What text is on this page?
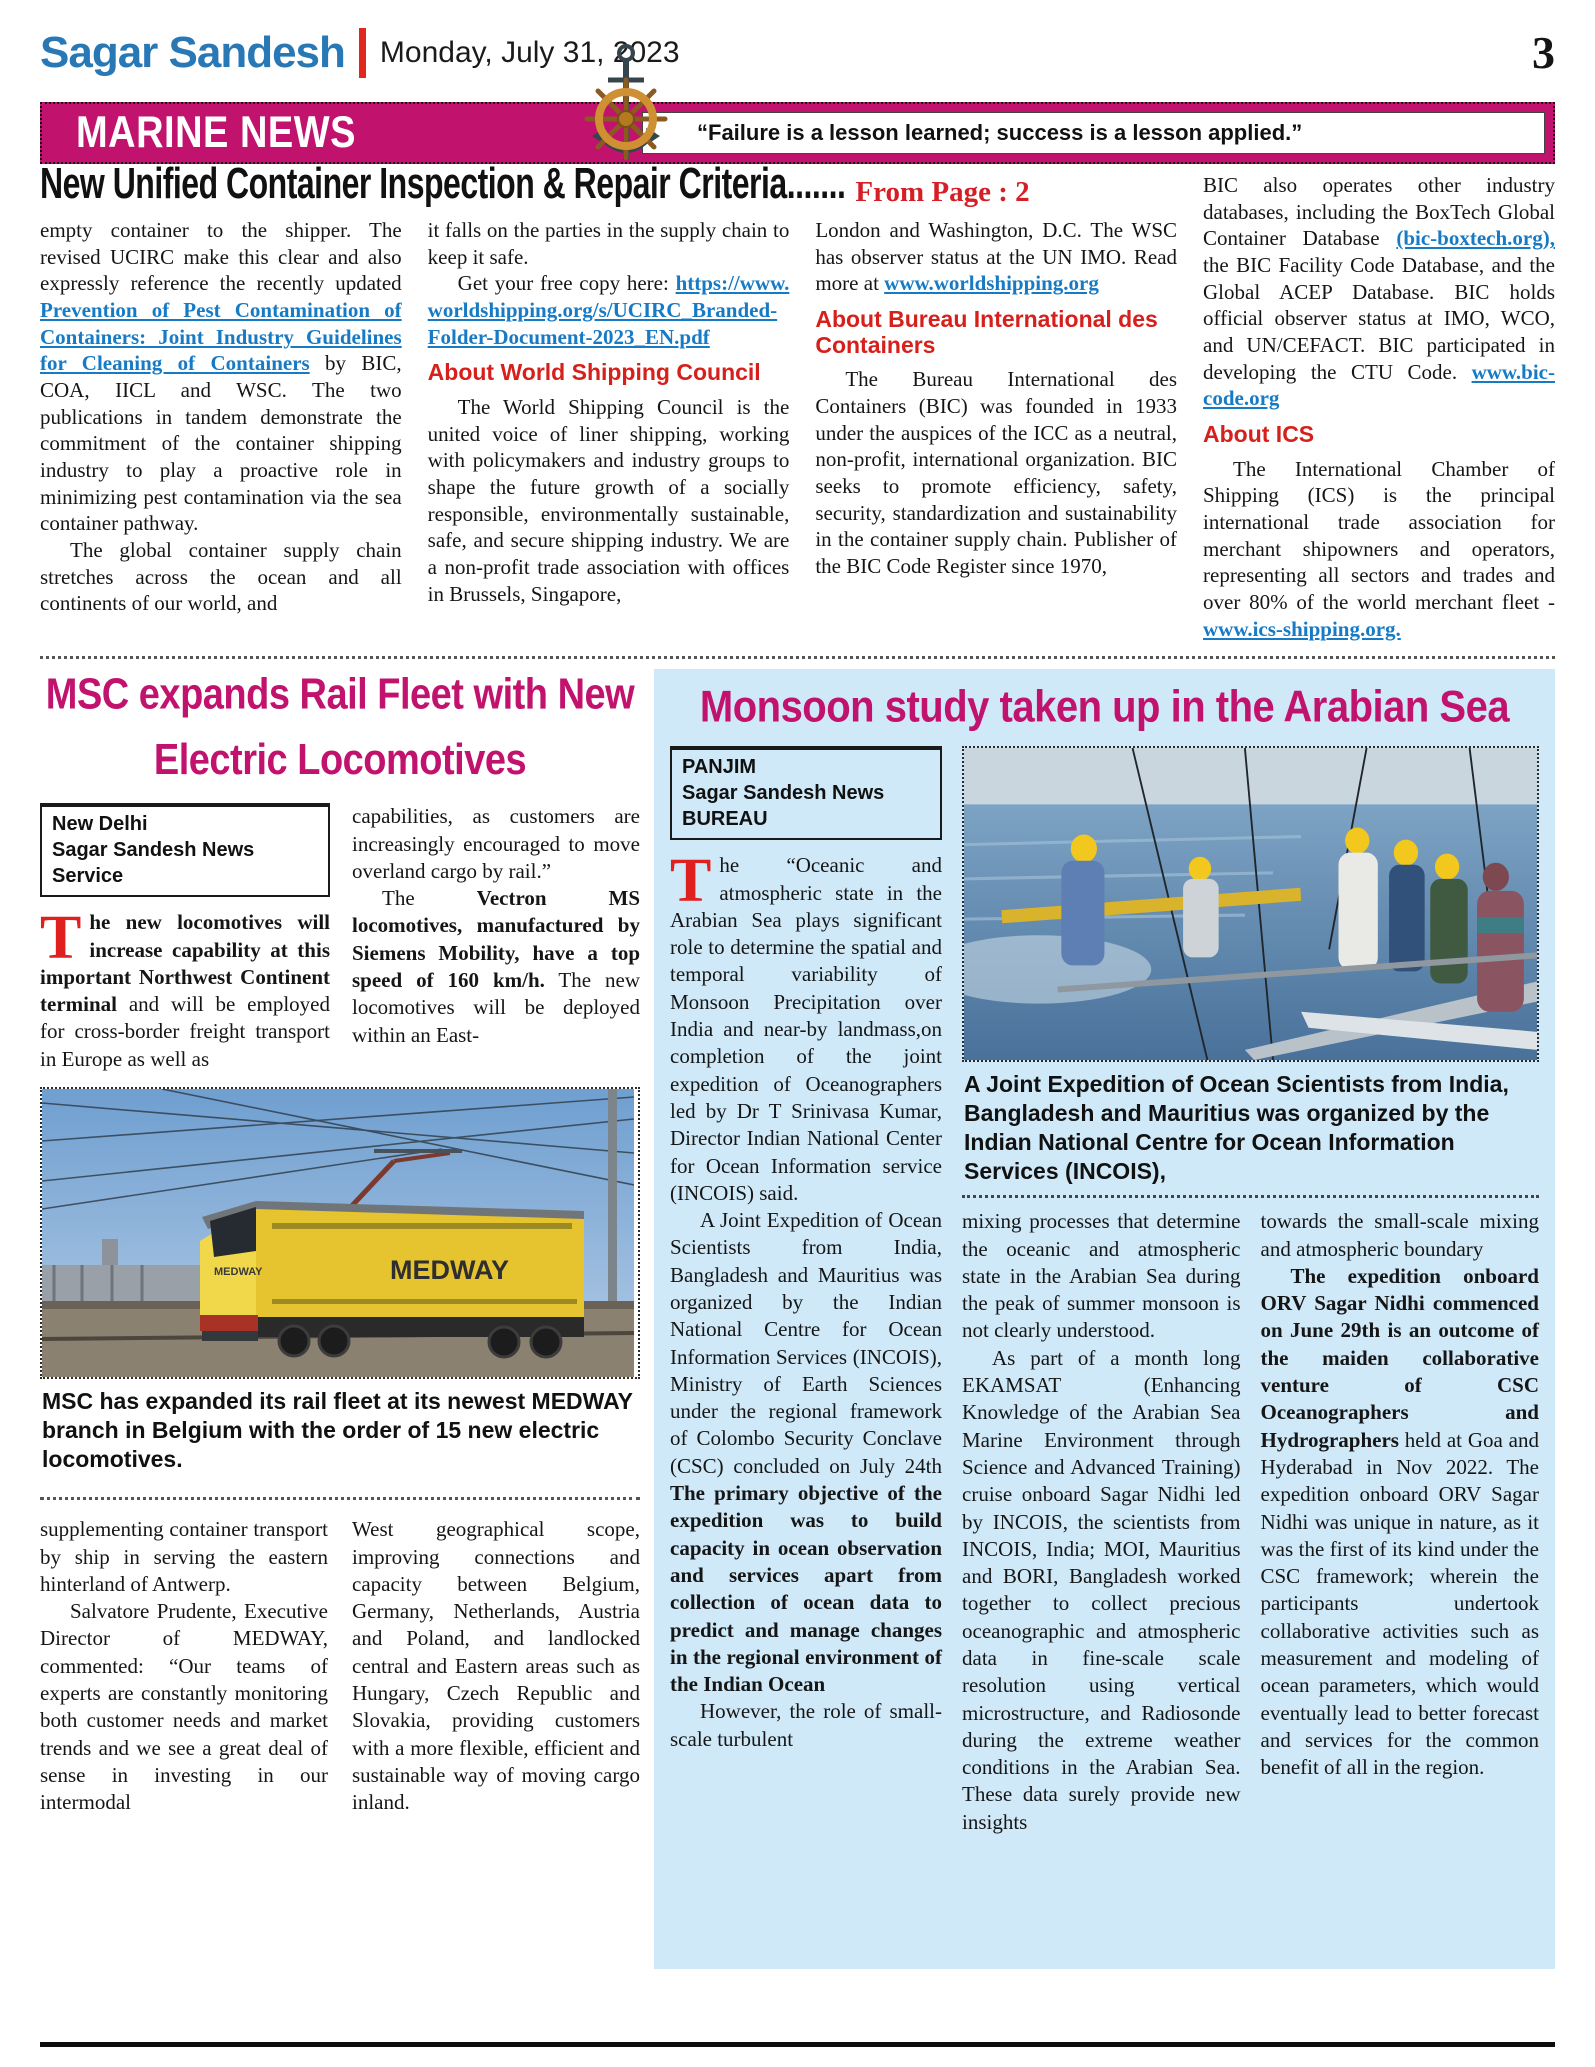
Sagar Sandesh Monday, July 31, 2023	3
MARINE NEWS	“Failure is a lesson learned; success is a lesson applied.”
New Unified Container Inspection & Repair Criteria....... From Page : 2

empty container to the shipper. The revised UCIRC make this clear and also expressly reference the recently updated Prevention of Pest Contamination of Containers: Joint Industry Guidelines for Cleaning of Containers by BIC, COA, IICL and WSC. The two publications in tandem demonstrate the commitment of the container shipping industry to play a proactive role in minimizing pest contamination via the sea container pathway.

The global container supply chain stretches across the ocean and all continents of our world, and

it falls on the parties in the supply chain to keep it safe.

Get your free copy here: https://www.worldshipping.org/s/UCIRC_Branded-Folder-Document-2023_EN.pdf

About World Shipping Council

The World Shipping Council is the united voice of liner shipping, working with policymakers and industry groups to shape the future growth of a socially responsible, environmentally sustainable, safe, and secure shipping industry. We are a non-profit trade association with offices in Brussels, Singapore,

London and Washington, D.C. The WSC has observer status at the UN IMO. Read more at www.worldshipping.org

About Bureau International des Containers

The Bureau International des Containers (BIC) was founded in 1933 under the auspices of the ICC as a neutral, non-profit, international organization. BIC seeks to promote efficiency, safety, security, standardization and sustainability in the container supply chain. Publisher of the BIC Code Register since 1970,

BIC also operates other industry databases, including the BoxTech Global Container Database (bic-boxtech.org), the BIC Facility Code Database, and the Global ACEP Database. BIC holds official observer status at IMO, WCO, and UN/CEFACT. BIC participated in developing the CTU Code. www.bic-code.org

About ICS

The International Chamber of Shipping (ICS) is the principal international trade association for merchant shipowners and operators, representing all sectors and trades and over 80% of the world merchant fleet - www.ics-shipping.org.

MSC expands Rail Fleet with New Electric Locomotives
New Delhi
Sagar Sandesh News Service
The new locomotives will increase capability at this important Northwest Continent terminal and will be employed for cross-border freight transport in Europe as well as

capabilities, as customers are increasingly encouraged to move overland cargo by rail.”

The Vectron MS locomotives, manufactured by Siemens Mobility, have a top speed of 160 km/h. The new locomotives will be deployed within an East-

MEDWAY
MEDWAY
MSC has expanded its rail fleet at its newest MEDWAY branch in Belgium with the order of 15 new electric locomotives.

supplementing container transport by ship in serving the eastern hinterland of Antwerp.

Salvatore Prudente, Executive Director of MEDWAY, commented: “Our teams of experts are constantly monitoring both customer needs and market trends and we see a great deal of sense in investing in our intermodal

West geographical scope, improving connections and capacity between Belgium, Germany, Netherlands, Austria and Poland, and landlocked central and Eastern areas such as Hungary, Czech Republic and Slovakia, providing customers with a more flexible, efficient and sustainable way of moving cargo inland.

Monsoon study taken up in the Arabian Sea
PANJIM
Sagar Sandesh News BUREAU

The “Oceanic and atmospheric state in the Arabian Sea plays significant role to determine the spatial and temporal variability of Monsoon Precipitation over India and near-by landmass,on completion of the joint expedition of Oceanographers led by Dr T Srinivasa Kumar, Director Indian National Center for Ocean Information service (INCOIS) said.

A Joint Expedition of Ocean Scientists from India, Bangladesh and Mauritius was organized by the Indian National Centre for Ocean Information Services (INCOIS), Ministry of Earth Sciences under the regional framework of Colombo Security Conclave (CSC) concluded on July 24th The primary objective of the expedition was to build capacity in ocean observation and services apart from collection of ocean data to predict and manage changes in the regional environment of the Indian Ocean

However, the role of small-scale turbulent

A Joint Expedition of Ocean Scientists from India, Bangladesh and Mauritius was organized by the Indian National Centre for Ocean Information Services (INCOIS),

mixing processes that determine the oceanic and atmospheric state in the Arabian Sea during the peak of summer monsoon is not clearly understood.

As part of a month long EKAMSAT (Enhancing Knowledge of the Arabian Sea Marine Environment through Science and Advanced Training) cruise onboard Sagar Nidhi led by INCOIS, the scientists from INCOIS, India; MOI, Mauritius and BORI, Bangladesh worked together to collect precious oceanographic and atmospheric data in fine-scale scale resolution using vertical microstructure, and Radiosonde during the extreme weather conditions in the Arabian Sea. These data surely provide new insights

towards the small-scale mixing and atmospheric boundary

The expedition onboard ORV Sagar Nidhi commenced on June 29th is an outcome of the maiden collaborative venture of CSC Oceanographers and Hydrographers held at Goa and Hyderabad in Nov 2022. The expedition onboard ORV Sagar Nidhi was unique in nature, as it was the first of its kind under the CSC framework; wherein the participants undertook collaborative activities such as measurement and modeling of ocean parameters, which would eventually lead to better forecast and services for the common benefit of all in the region.
